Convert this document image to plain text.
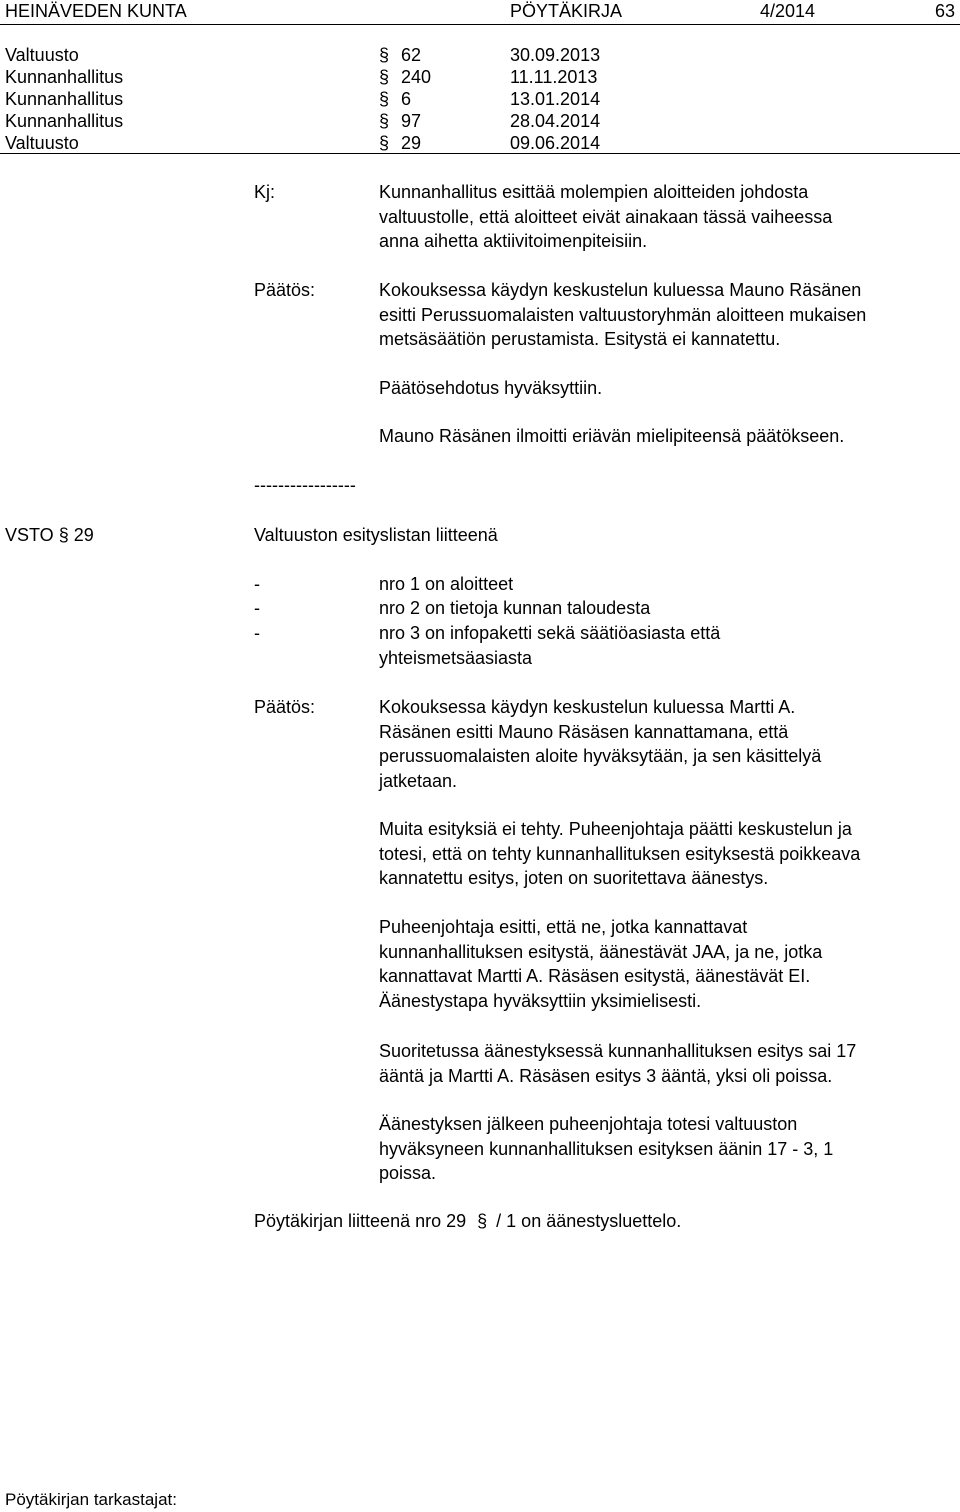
HEINÄVEDEN KUNTA	PÖYTÄKIRJA	4/2014	63
Valtuusto	§ 62	30.09.2013
Kunnanhallitus	§ 240	11.11.2013
Kunnanhallitus	§ 6	13.01.2014
Kunnanhallitus	§ 97	28.04.2014
Valtuusto	§ 29	09.06.2014
Kj:	Kunnanhallitus esittää molempien aloitteiden johdosta
valtuustolle, että aloitteet eivät ainakaan tässä vaiheessa
anna aihetta aktiivitoimenpiteisiin.
Päätös:	Kokouksessa käydyn keskustelun kuluessa Mauno Räsänen
esitti Perussuomalaisten valtuustoryhmän aloitteen mukaisen
metsäsäätiön perustamista. Esitystä ei kannatettu.
Päätösehdotus hyväksyttiin.
Mauno Räsänen ilmoitti eriävän mielipiteensä päätökseen.
-----------------
VSTO § 29	Valtuuston esityslistan liitteenä
-	nro 1 on aloitteet
-	nro 2 on tietoja kunnan taloudesta
-	nro 3 on infopaketti sekä säätiöasiasta että
yhteismetsäasiasta
Päätös:	Kokouksessa käydyn keskustelun kuluessa Martti A.
Räsänen esitti Mauno Räsäsen kannattamana, että
perussuomalaisten aloite hyväksytään, ja sen käsittelyä
jatketaan.
Muita esityksiä ei tehty. Puheenjohtaja päätti keskustelun ja
totesi, että on tehty kunnanhallituksen esityksestä poikkeava
kannatettu esitys, joten on suoritettava äänestys.
Puheenjohtaja esitti, että ne, jotka kannattavat
kunnanhallituksen esitystä, äänestävät JAA, ja ne, jotka
kannattavat Martti A. Räsäsen esitystä, äänestävät EI.
Äänestystapa hyväksyttiin yksimielisesti.
Suoritetussa äänestyksessä kunnanhallituksen esitys sai 17
ääntä ja Martti A. Räsäsen esitys 3 ääntä, yksi oli poissa.
Äänestyksen jälkeen puheenjohtaja totesi valtuuston
hyväksyneen kunnanhallituksen esityksen äänin 17 - 3, 1
poissa.
Pöytäkirjan liitteenä nro 29 § / 1 on äänestysluettelo.
Pöytäkirjan tarkastajat:
